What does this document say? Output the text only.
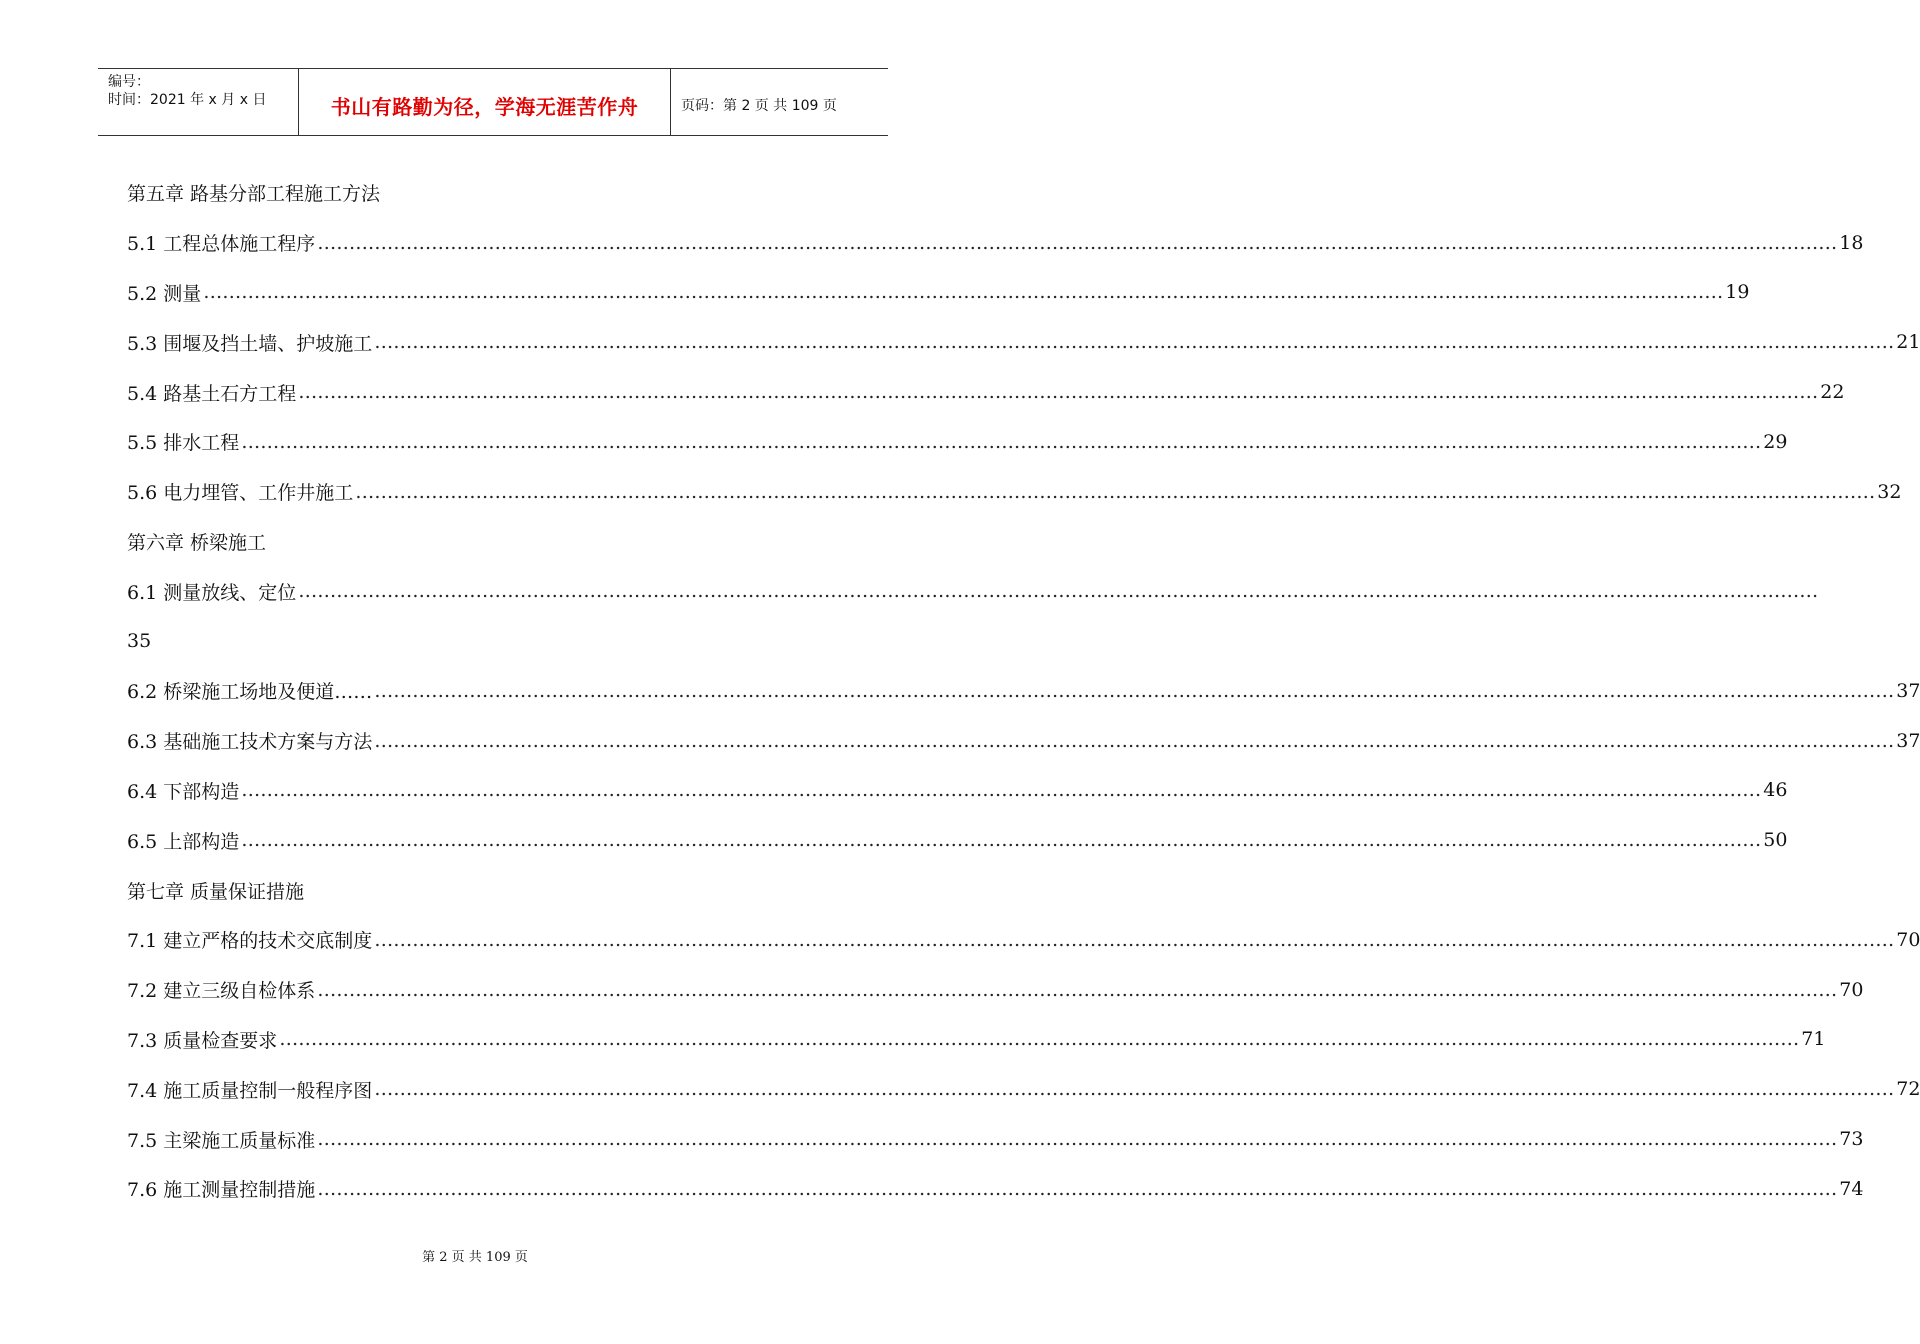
编号：
时间：2021 年 x 月 x 日	书山有路勤为径，学海无涯苦作舟	页码：第 2 页 共 109 页
第五章 路基分部工程施工方法
5.1 工程总体施工程序 …………………………………………………………………………………………………………………………………………………………………………………………………………………… 18
5.2 测量 …………………………………………………………………………………………………………………………………………………………………………………………………………………… 19
5.3 围堰及挡土墙、护坡施工 …………………………………………………………………………………………………………………………………………………………………………………………………………………… 21
5.4 路基土石方工程 …………………………………………………………………………………………………………………………………………………………………………………………………………………… 22
5.5 排水工程 …………………………………………………………………………………………………………………………………………………………………………………………………………………… 29
5.6 电力埋管、工作井施工 …………………………………………………………………………………………………………………………………………………………………………………………………………………… 32
第六章 桥梁施工
6.1 测量放线、定位 ……………………………………………………………………………………………………………………………………………………………………………………………………………………
35
6.2 桥梁施工场地及便道…… …………………………………………………………………………………………………………………………………………………………………………………………………………………… 37
6.3 基础施工技术方案与方法 …………………………………………………………………………………………………………………………………………………………………………………………………………………… 37
6.4 下部构造 …………………………………………………………………………………………………………………………………………………………………………………………………………………… 46
6.5 上部构造 …………………………………………………………………………………………………………………………………………………………………………………………………………………… 50
第七章 质量保证措施
7.1 建立严格的技术交底制度 …………………………………………………………………………………………………………………………………………………………………………………………………………………… 70
7.2 建立三级自检体系 …………………………………………………………………………………………………………………………………………………………………………………………………………………… 70
7.3 质量检查要求 …………………………………………………………………………………………………………………………………………………………………………………………………………………… 71
7.4 施工质量控制一般程序图 …………………………………………………………………………………………………………………………………………………………………………………………………………………… 72
7.5 主梁施工质量标准 …………………………………………………………………………………………………………………………………………………………………………………………………………………… 73
7.6 施工测量控制措施 …………………………………………………………………………………………………………………………………………………………………………………………………………………… 74
第 2 页 共 109 页
